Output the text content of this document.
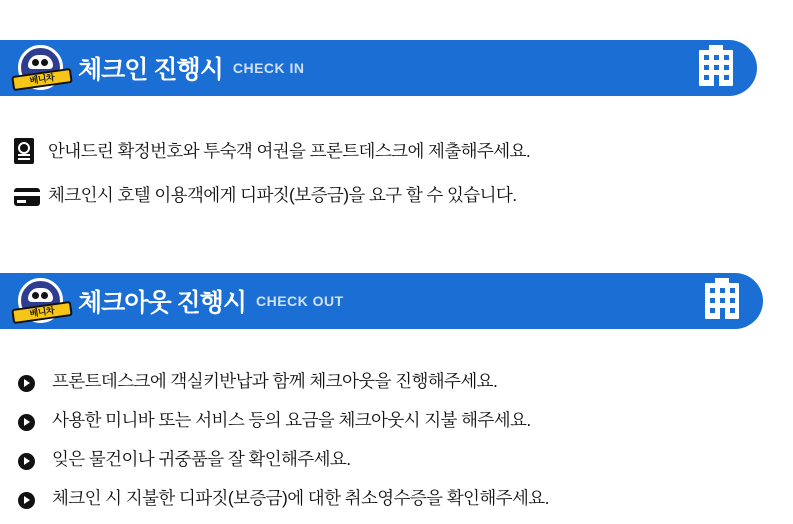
베니차 체크인 진행시 CHECK IN
안내드린 확정번호와 투숙객 여권을 프론트데스크에 제출해주세요.
체크인시 호텔 이용객에게 디파짓(보증금)을 요구 할 수 있습니다.
베니차 체크아웃 진행시 CHECK OUT
프론트데스크에 객실키반납과 함께 체크아웃을 진행해주세요.
사용한 미니바 또는 서비스 등의 요금을 체크아웃시 지불 해주세요.
잊은 물건이나 귀중품을 잘 확인해주세요.
체크인 시 지불한 디파짓(보증금)에 대한 취소영수증을 확인해주세요.
